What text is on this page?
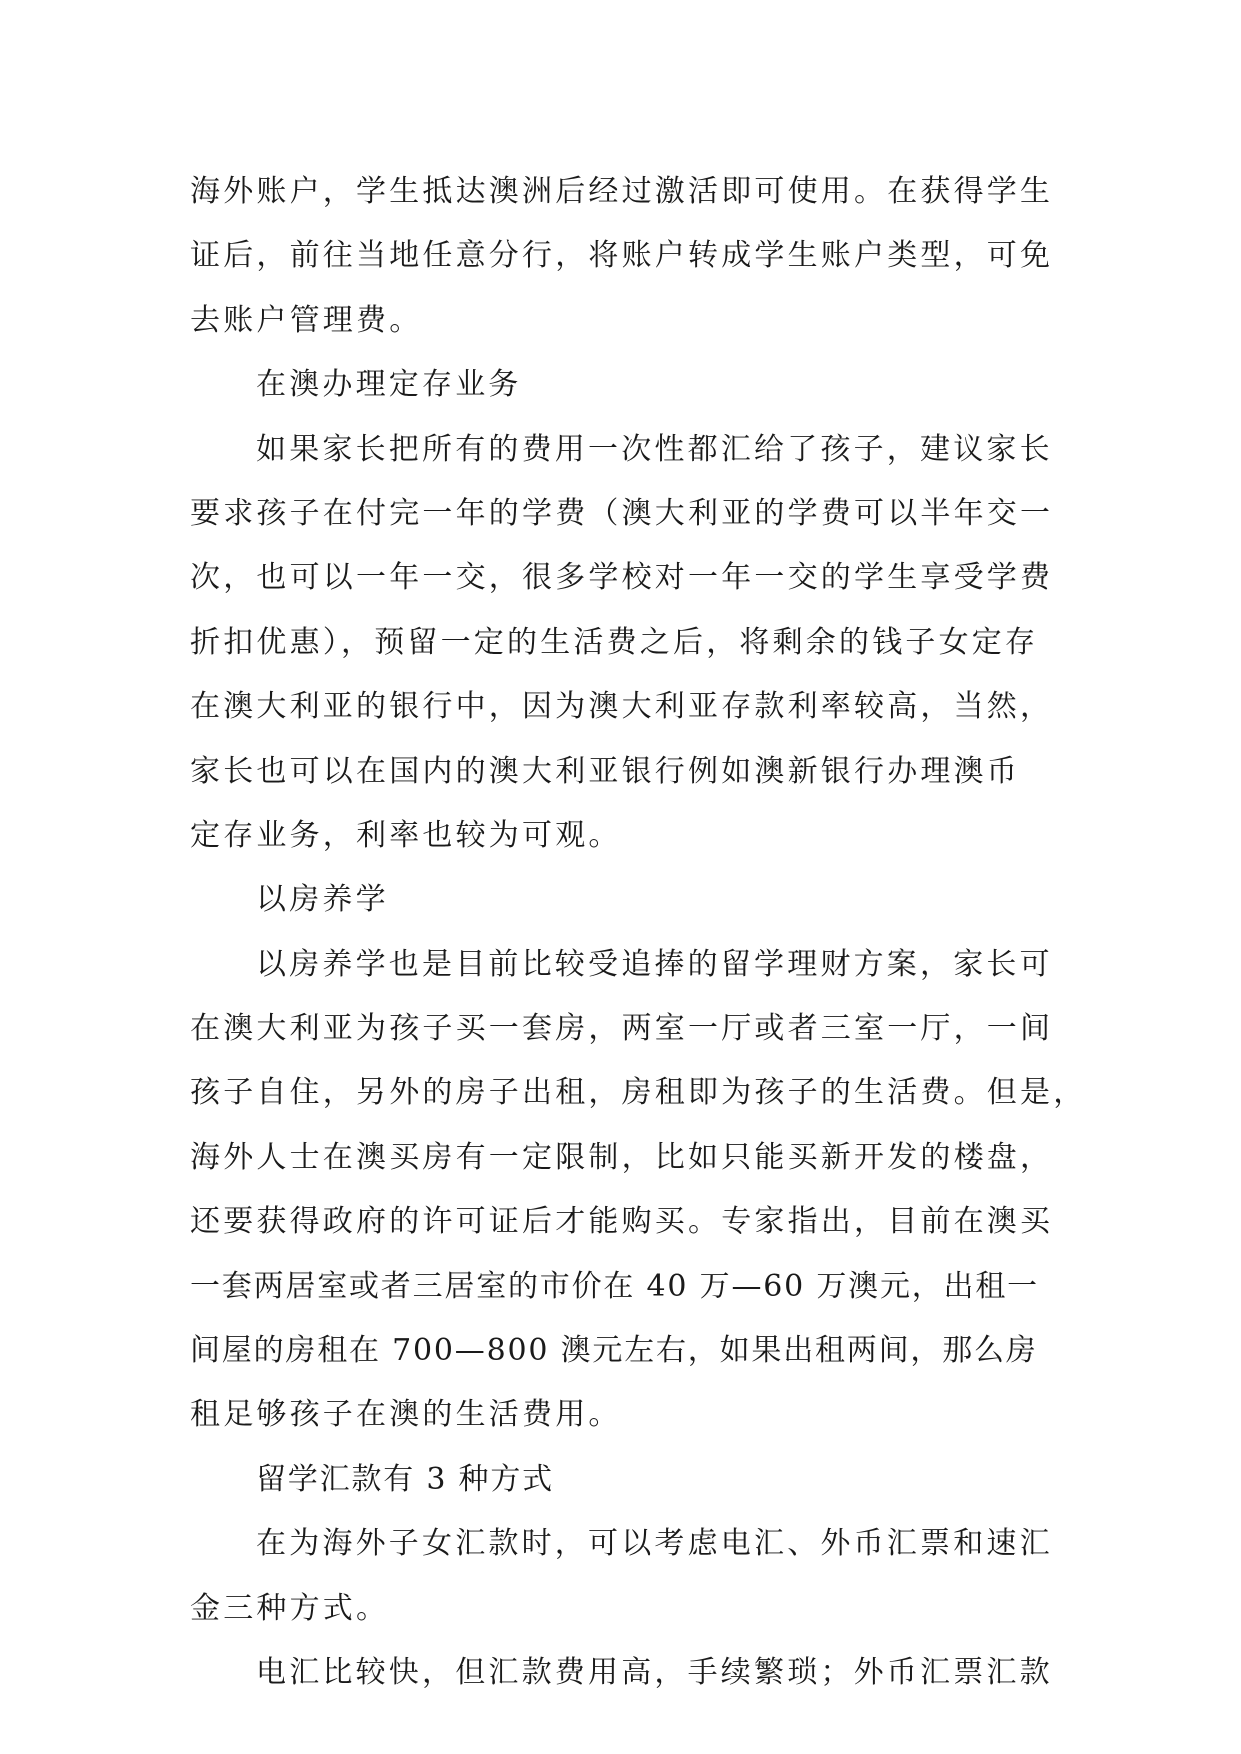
海外账户，学生抵达澳洲后经过激活即可使用。在获得学生
证后，前往当地任意分行，将账户转成学生账户类型，可免
去账户管理费。
在澳办理定存业务
如果家长把所有的费用一次性都汇给了孩子，建议家长
要求孩子在付完一年的学费（澳大利亚的学费可以半年交一
次，也可以一年一交，很多学校对一年一交的学生享受学费
折扣优惠），预留一定的生活费之后，将剩余的钱子女定存
在澳大利亚的银行中，因为澳大利亚存款利率较高，当然，
家长也可以在国内的澳大利亚银行例如澳新银行办理澳币
定存业务，利率也较为可观。
以房养学
以房养学也是目前比较受追捧的留学理财方案，家长可
在澳大利亚为孩子买一套房，两室一厅或者三室一厅，一间
孩子自住，另外的房子出租，房租即为孩子的生活费。但是，
海外人士在澳买房有一定限制，比如只能买新开发的楼盘，
还要获得政府的许可证后才能购买。专家指出，目前在澳买
一套两居室或者三居室的市价在 40 万—60 万澳元，出租一
间屋的房租在 700—800 澳元左右，如果出租两间，那么房
租足够孩子在澳的生活费用。
留学汇款有 3 种方式
在为海外子女汇款时，可以考虑电汇、外币汇票和速汇
金三种方式。
电汇比较快，但汇款费用高，手续繁琐；外币汇票汇款
